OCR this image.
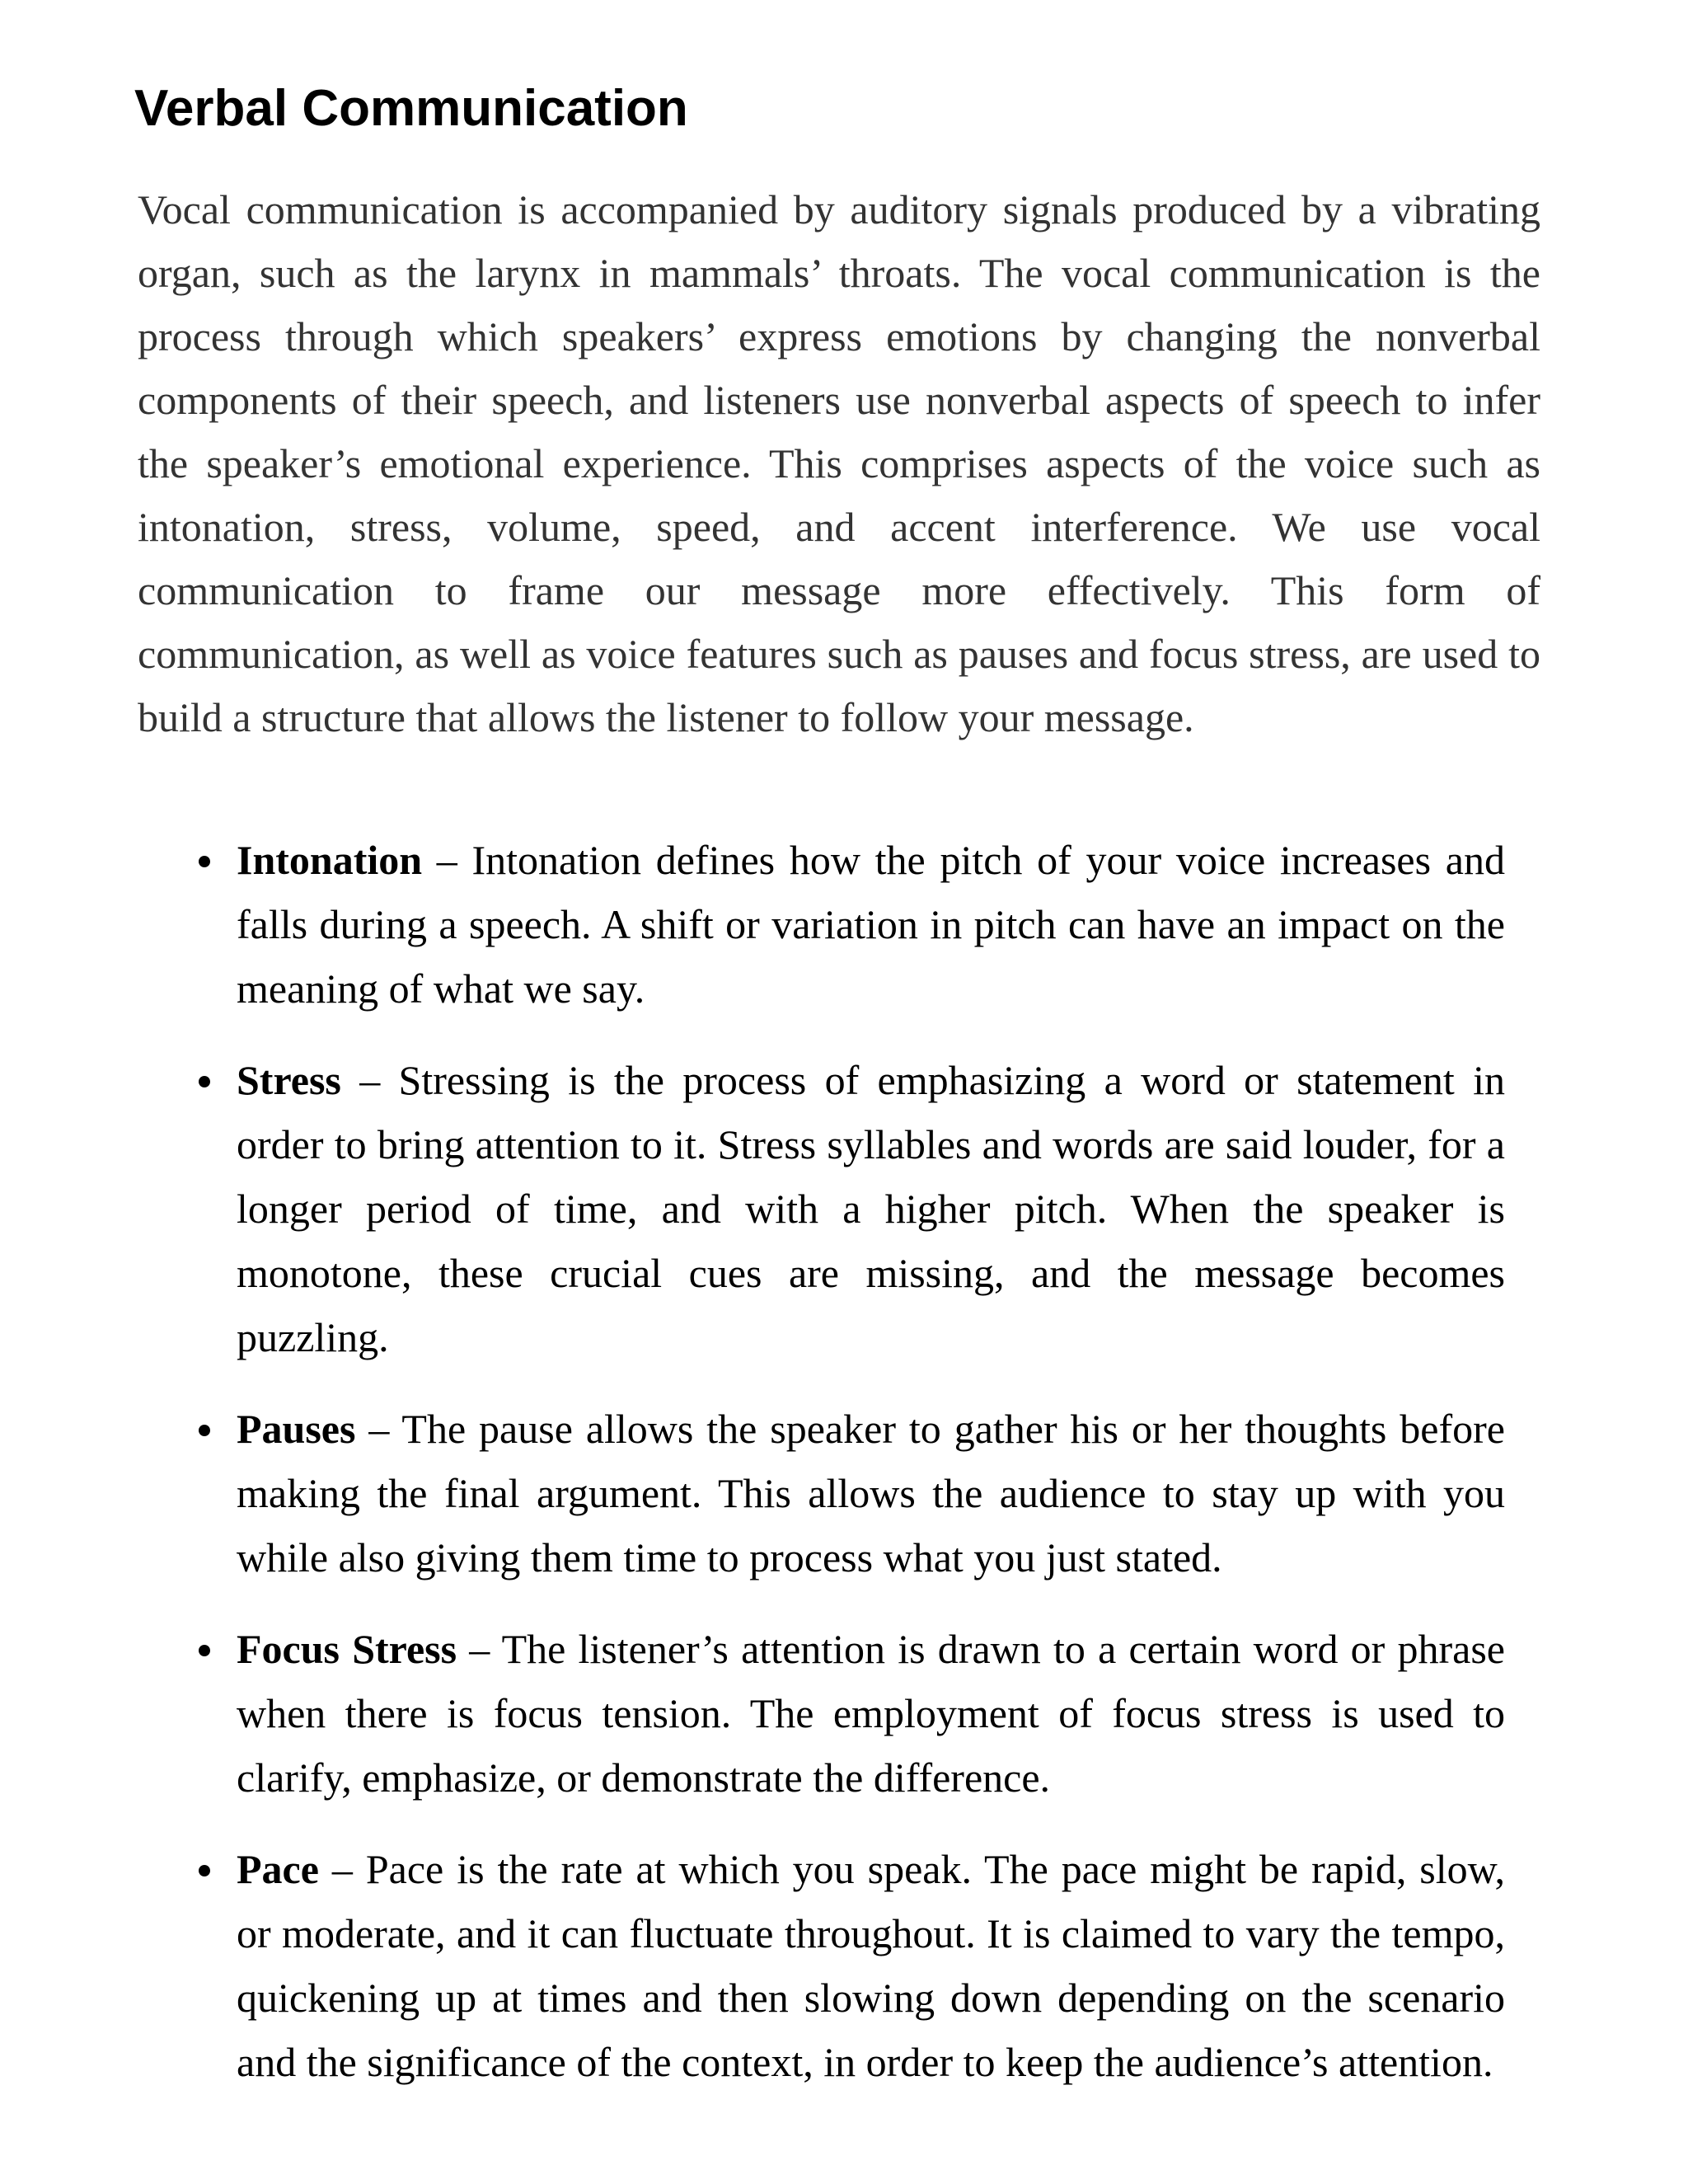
Verbal Communication

Vocal communication is accompanied by auditory signals produced by a vibrating organ, such as the larynx in mammals’ throats. The vocal communication is the process through which speakers’ express emotions by changing the nonverbal components of their speech, and listeners use nonverbal aspects of speech to infer the speaker’s emotional experience. This comprises aspects of the voice such as intonation, stress, volume, speed, and accent interference. We use vocal communication to frame our message more effectively. This form of communication, as well as voice features such as pauses and focus stress, are used to build a structure that allows the listener to follow your message.

Intonation – Intonation defines how the pitch of your voice increases and falls during a speech. A shift or variation in pitch can have an impact on the meaning of what we say.
Stress – Stressing is the process of emphasizing a word or statement in order to bring attention to it. Stress syllables and words are said louder, for a longer period of time, and with a higher pitch. When the speaker is monotone, these crucial cues are missing, and the message becomes puzzling.
Pauses – The pause allows the speaker to gather his or her thoughts before making the final argument. This allows the audience to stay up with you while also giving them time to process what you just stated.
Focus Stress – The listener’s attention is drawn to a certain word or phrase when there is focus tension. The employment of focus stress is used to clarify, emphasize, or demonstrate the difference.
Pace – Pace is the rate at which you speak. The pace might be rapid, slow, or moderate, and it can fluctuate throughout. It is claimed to vary the tempo, quickening up at times and then slowing down depending on the scenario and the significance of the context, in order to keep the audience’s attention.
